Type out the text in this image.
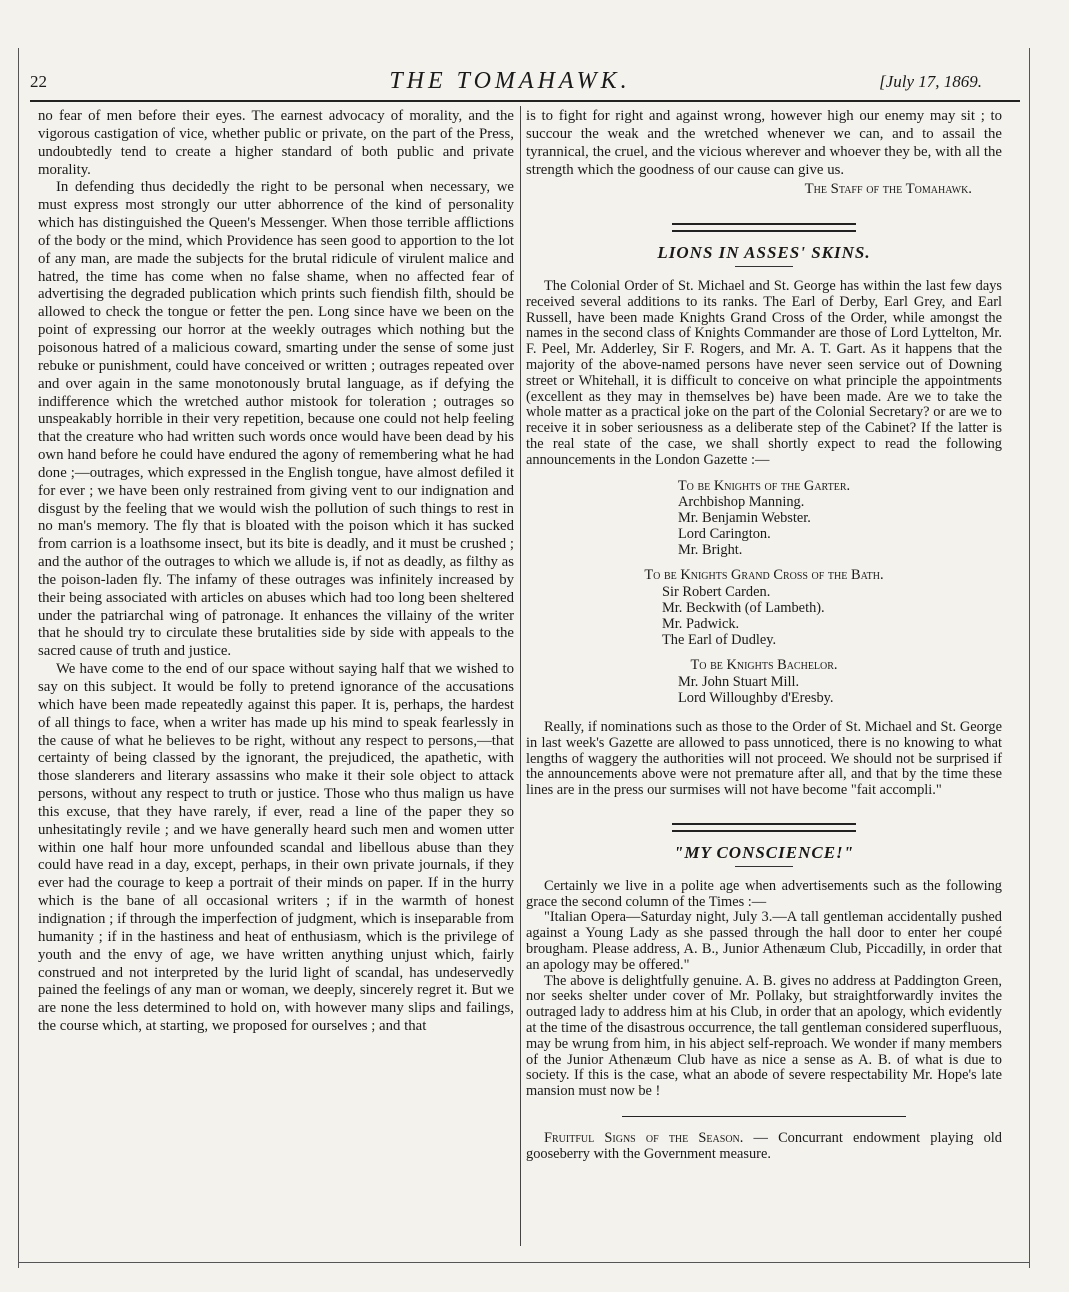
22	THE TOMAHAWK.	[July 17, 1869.

no fear of men before their eyes. The earnest advocacy of morality, and the vigorous castigation of vice, whether public or private, on the part of the Press, undoubtedly tend to create a higher standard of both public and private morality.

In defending thus decidedly the right to be personal when necessary, we must express most strongly our utter abhorrence of the kind of personality which has distinguished the Queen's Messenger. When those terrible afflictions of the body or the mind, which Providence has seen good to apportion to the lot of any man, are made the subjects for the brutal ridicule of virulent malice and hatred, the time has come when no false shame, when no affected fear of advertising the degraded publication which prints such fiendish filth, should be allowed to check the tongue or fetter the pen. Long since have we been on the point of expressing our horror at the weekly outrages which nothing but the poisonous hatred of a malicious coward, smarting under the sense of some just rebuke or punishment, could have conceived or written ; outrages repeated over and over again in the same monotonously brutal language, as if defying the indifference which the wretched author mistook for toleration ; outrages so unspeakably horrible in their very repetition, because one could not help feeling that the creature who had written such words once would have been dead by his own hand before he could have endured the agony of remembering what he had done ;—outrages, which expressed in the English tongue, have almost defiled it for ever ; we have been only restrained from giving vent to our indignation and disgust by the feeling that we would wish the pollution of such things to rest in no man's memory. The fly that is bloated with the poison which it has sucked from carrion is a loathsome insect, but its bite is deadly, and it must be crushed ; and the author of the outrages to which we allude is, if not as deadly, as filthy as the poison-laden fly. The infamy of these outrages was infinitely increased by their being associated with articles on abuses which had too long been sheltered under the patriarchal wing of patronage. It enhances the villainy of the writer that he should try to circulate these brutalities side by side with appeals to the sacred cause of truth and justice.

We have come to the end of our space without saying half that we wished to say on this subject. It would be folly to pretend ignorance of the accusations which have been made repeatedly against this paper. It is, perhaps, the hardest of all things to face, when a writer has made up his mind to speak fearlessly in the cause of what he believes to be right, without any respect to persons,—that certainty of being classed by the ignorant, the prejudiced, the apathetic, with those slanderers and literary assassins who make it their sole object to attack persons, without any respect to truth or justice. Those who thus malign us have this excuse, that they have rarely, if ever, read a line of the paper they so unhesitatingly revile ; and we have generally heard such men and women utter within one half hour more unfounded scandal and libellous abuse than they could have read in a day, except, perhaps, in their own private journals, if they ever had the courage to keep a portrait of their minds on paper. If in the hurry which is the bane of all occasional writers ; if in the warmth of honest indignation ; if through the imperfection of judgment, which is inseparable from humanity ; if in the hastiness and heat of enthusiasm, which is the privilege of youth and the envy of age, we have written anything unjust which, fairly construed and not interpreted by the lurid light of scandal, has undeservedly pained the feelings of any man or woman, we deeply, sincerely regret it. But we are none the less determined to hold on, with however many slips and failings, the course which, at starting, we proposed for ourselves ; and that

is to fight for right and against wrong, however high our enemy may sit ; to succour the weak and the wretched whenever we can, and to assail the tyrannical, the cruel, and the vicious wherever and whoever they be, with all the strength which the goodness of our cause can give us.

The Staff of the Tomahawk.

LIONS IN ASSES' SKINS.

The Colonial Order of St. Michael and St. George has within the last few days received several additions to its ranks. The Earl of Derby, Earl Grey, and Earl Russell, have been made Knights Grand Cross of the Order, while amongst the names in the second class of Knights Commander are those of Lord Lyttelton, Mr. F. Peel, Mr. Adderley, Sir F. Rogers, and Mr. A. T. Gart. As it happens that the majority of the above-named persons have never seen service out of Downing street or Whitehall, it is difficult to conceive on what principle the appointments (excellent as they may in themselves be) have been made. Are we to take the whole matter as a practical joke on the part of the Colonial Secretary? or are we to receive it in sober seriousness as a deliberate step of the Cabinet? If the latter is the real state of the case, we shall shortly expect to read the following announcements in the London Gazette :—

To be Knights of the Garter.
Archbishop Manning.
Mr. Benjamin Webster.
Lord Carington.
Mr. Bright.
To be Knights Grand Cross of the Bath.
Sir Robert Carden.
Mr. Beckwith (of Lambeth).
Mr. Padwick.
The Earl of Dudley.
To be Knights Bachelor.
Mr. John Stuart Mill.
Lord Willoughby d'Eresby.

Really, if nominations such as those to the Order of St. Michael and St. George in last week's Gazette are allowed to pass unnoticed, there is no knowing to what lengths of waggery the authorities will not proceed. We should not be surprised if the announcements above were not premature after all, and that by the time these lines are in the press our surmises will not have become "fait accompli."

"MY CONSCIENCE!"

Certainly we live in a polite age when advertisements such as the following grace the second column of the Times :—

"Italian Opera—Saturday night, July 3.—A tall gentleman accidentally pushed against a Young Lady as she passed through the hall door to enter her coupé brougham. Please address, A. B., Junior Athenæum Club, Piccadilly, in order that an apology may be offered."

The above is delightfully genuine. A. B. gives no address at Paddington Green, nor seeks shelter under cover of Mr. Pollaky, but straightforwardly invites the outraged lady to address him at his Club, in order that an apology, which evidently at the time of the disastrous occurrence, the tall gentleman considered superfluous, may be wrung from him, in his abject self-reproach. We wonder if many members of the Junior Athenæum Club have as nice a sense as A. B. of what is due to society. If this is the case, what an abode of severe respectability Mr. Hope's late mansion must now be !

Fruitful Signs of the Season. — Concurrant endowment playing old gooseberry with the Government measure.
